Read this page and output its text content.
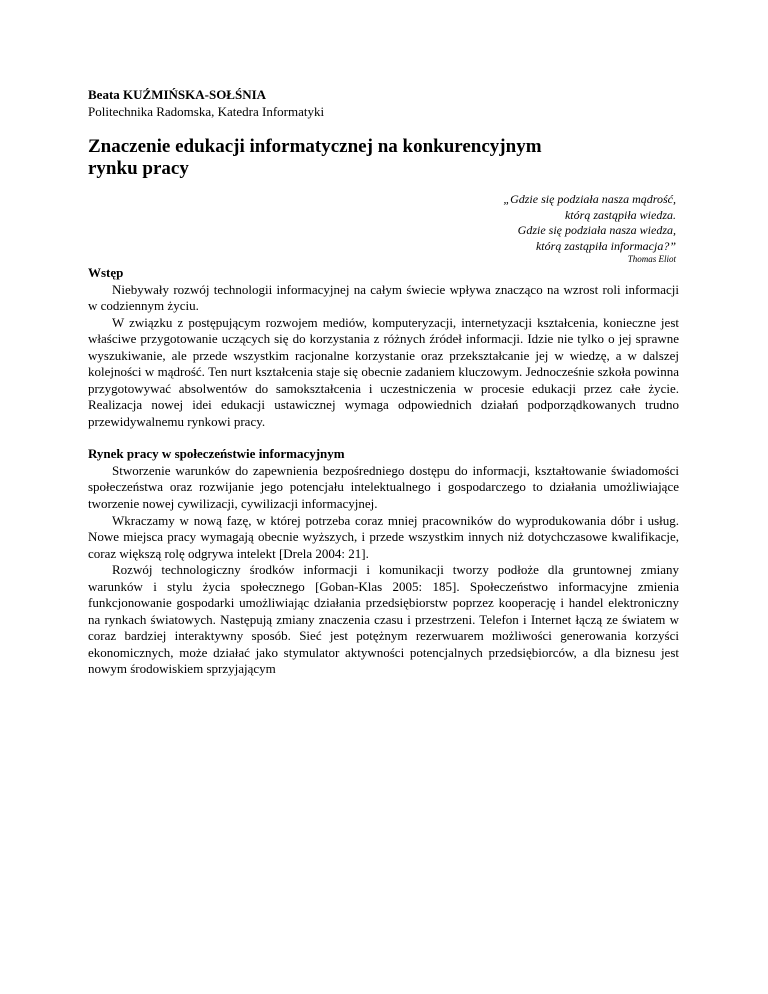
Beata KUŹMIŃSKA-SOŁŚNIA
Politechnika Radomska, Katedra Informatyki
Znaczenie edukacji informatycznej na konkurencyjnym rynku pracy
„Gdzie się podziała nasza mądrość,
którą zastąpiła wiedza.
Gdzie się podziała nasza wiedza,
którą zastąpiła informacja?”
Thomas Eliot
Wstęp

Niebywały rozwój technologii informacyjnej na całym świecie wpływa znacząco na wzrost roli informacji w codziennym życiu.

W związku z postępującym rozwojem mediów, komputeryzacji, internetyzacji kształcenia, konieczne jest właściwe przygotowanie uczących się do korzystania z różnych źródeł informacji. Idzie nie tylko o jej sprawne wyszukiwanie, ale przede wszystkim racjonalne korzystanie oraz przekształcanie jej w wiedzę, a w dalszej kolejności w mądrość. Ten nurt kształcenia staje się obecnie zadaniem kluczowym. Jednocześnie szkoła powinna przygotowywać absolwentów do samokształcenia i uczestniczenia w procesie edukacji przez całe życie. Realizacja nowej idei edukacji ustawicznej wymaga odpowiednich działań podporządkowanych trudno przewidywalnemu rynkowi pracy.

Rynek pracy w społeczeństwie informacyjnym

Stworzenie warunków do zapewnienia bezpośredniego dostępu do informacji, kształtowanie świadomości społeczeństwa oraz rozwijanie jego potencjału intelektualnego i gospodarczego to działania umożliwiające tworzenie nowej cywilizacji, cywilizacji informacyjnej.

Wkraczamy w nową fazę, w której potrzeba coraz mniej pracowników do wyprodukowania dóbr i usług. Nowe miejsca pracy wymagają obecnie wyższych, i przede wszystkim innych niż dotychczasowe kwalifikacje, coraz większą rolę odgrywa intelekt [Drela 2004: 21].

Rozwój technologiczny środków informacji i komunikacji tworzy podłoże dla gruntownej zmiany warunków i stylu życia społecznego [Goban-Klas 2005: 185]. Społeczeństwo informacyjne zmienia funkcjonowanie gospodarki umożliwiając działania przedsiębiorstw poprzez kooperację i handel elektroniczny na rynkach światowych. Następują zmiany znaczenia czasu i przestrzeni. Telefon i Internet łączą ze światem w coraz bardziej interaktywny sposób. Sieć jest potężnym rezerwuarem możliwości generowania korzyści ekonomicznych, może działać jako stymulator aktywności potencjalnych przedsiębiorców, a dla biznesu jest nowym środowiskiem sprzyjającym
